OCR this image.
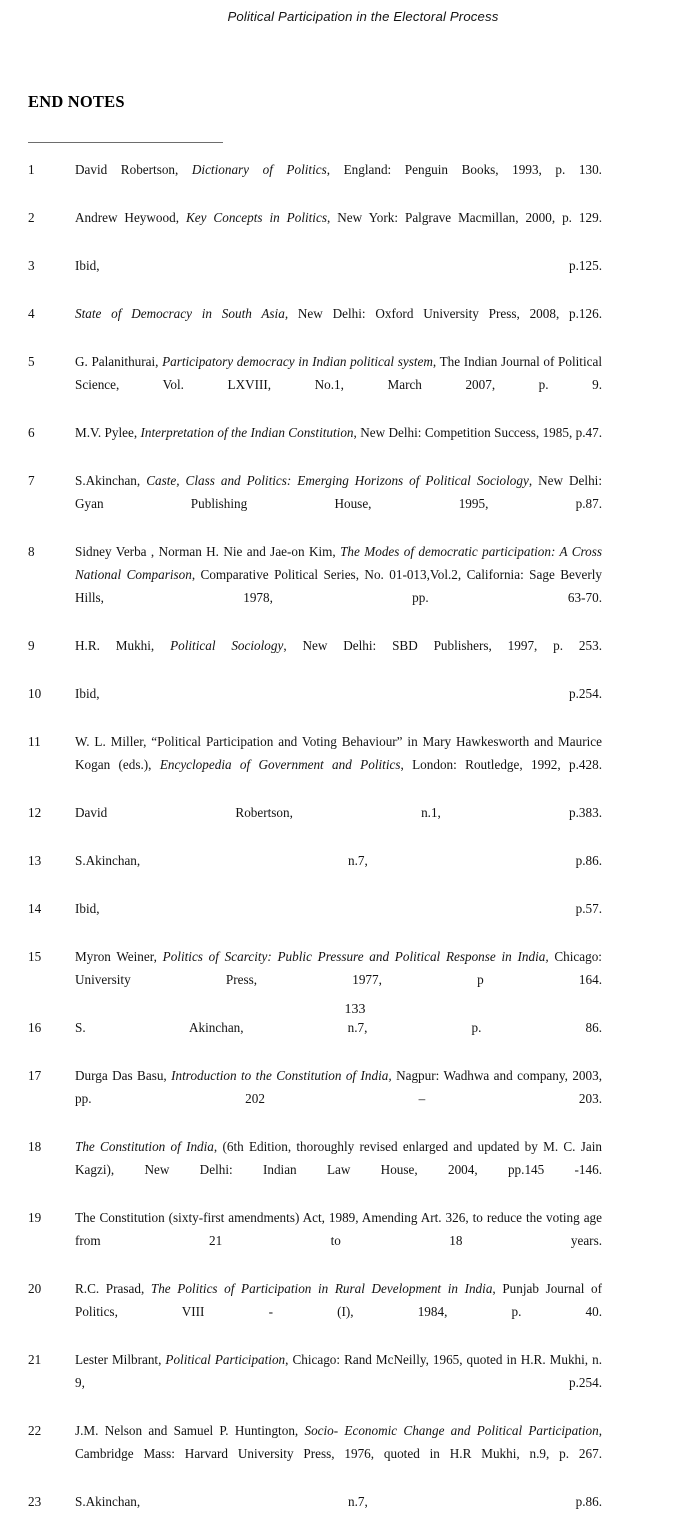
Political Participation in the Electoral Process
END NOTES
1	David Robertson, Dictionary of Politics, England: Penguin Books, 1993, p. 130.
2	Andrew Heywood, Key Concepts in Politics, New York: Palgrave Macmillan, 2000, p. 129.
3	Ibid, p.125.
4	State of Democracy in South Asia, New Delhi: Oxford University Press, 2008, p.126.
5	G. Palanithurai, Participatory democracy in Indian political system, The Indian Journal of Political Science, Vol. LXVIII, No.1, March 2007, p. 9.
6	M.V. Pylee, Interpretation of the Indian Constitution, New Delhi: Competition Success, 1985, p.47.
7	S.Akinchan, Caste, Class and Politics: Emerging Horizons of Political Sociology, New Delhi: Gyan Publishing House, 1995, p.87.
8	Sidney Verba , Norman H. Nie and Jae-on Kim, The Modes of democratic participation: A Cross National Comparison, Comparative Political Series, No. 01-013,Vol.2, California: Sage Beverly Hills, 1978, pp. 63-70.
9	H.R. Mukhi, Political Sociology, New Delhi: SBD Publishers, 1997, p. 253.
10	Ibid, p.254.
11	W. L. Miller, “Political Participation and Voting Behaviour” in Mary Hawkesworth and Maurice Kogan (eds.), Encyclopedia of Government and Politics, London: Routledge, 1992, p.428.
12	David Robertson, n.1, p.383.
13	S.Akinchan, n.7, p.86.
14	Ibid, p.57.
15	Myron Weiner, Politics of Scarcity: Public Pressure and Political Response in India, Chicago: University Press, 1977, p 164.
16	S. Akinchan, n.7, p. 86.
17	Durga Das Basu, Introduction to the Constitution of India, Nagpur: Wadhwa and company, 2003, pp. 202 – 203.
18	The Constitution of India, (6th Edition, thoroughly revised enlarged and updated by M. C. Jain Kagzi), New Delhi: Indian Law House, 2004, pp.145 -146.
19	The Constitution (sixty-first amendments) Act, 1989, Amending Art. 326, to reduce the voting age from 21 to 18 years.
20	R.C. Prasad, The Politics of Participation in Rural Development in India, Punjab Journal of Politics, VIII - (I), 1984, p. 40.
21	Lester Milbrant, Political Participation, Chicago: Rand McNeilly, 1965, quoted in H.R. Mukhi, n. 9, p.254.
22	J.M. Nelson and Samuel P. Huntington, Socio- Economic Change and Political Participation, Cambridge Mass: Harvard University Press, 1976, quoted in H.R Mukhi, n.9, p. 267.
23	S.Akinchan, n.7, p.86.
133
